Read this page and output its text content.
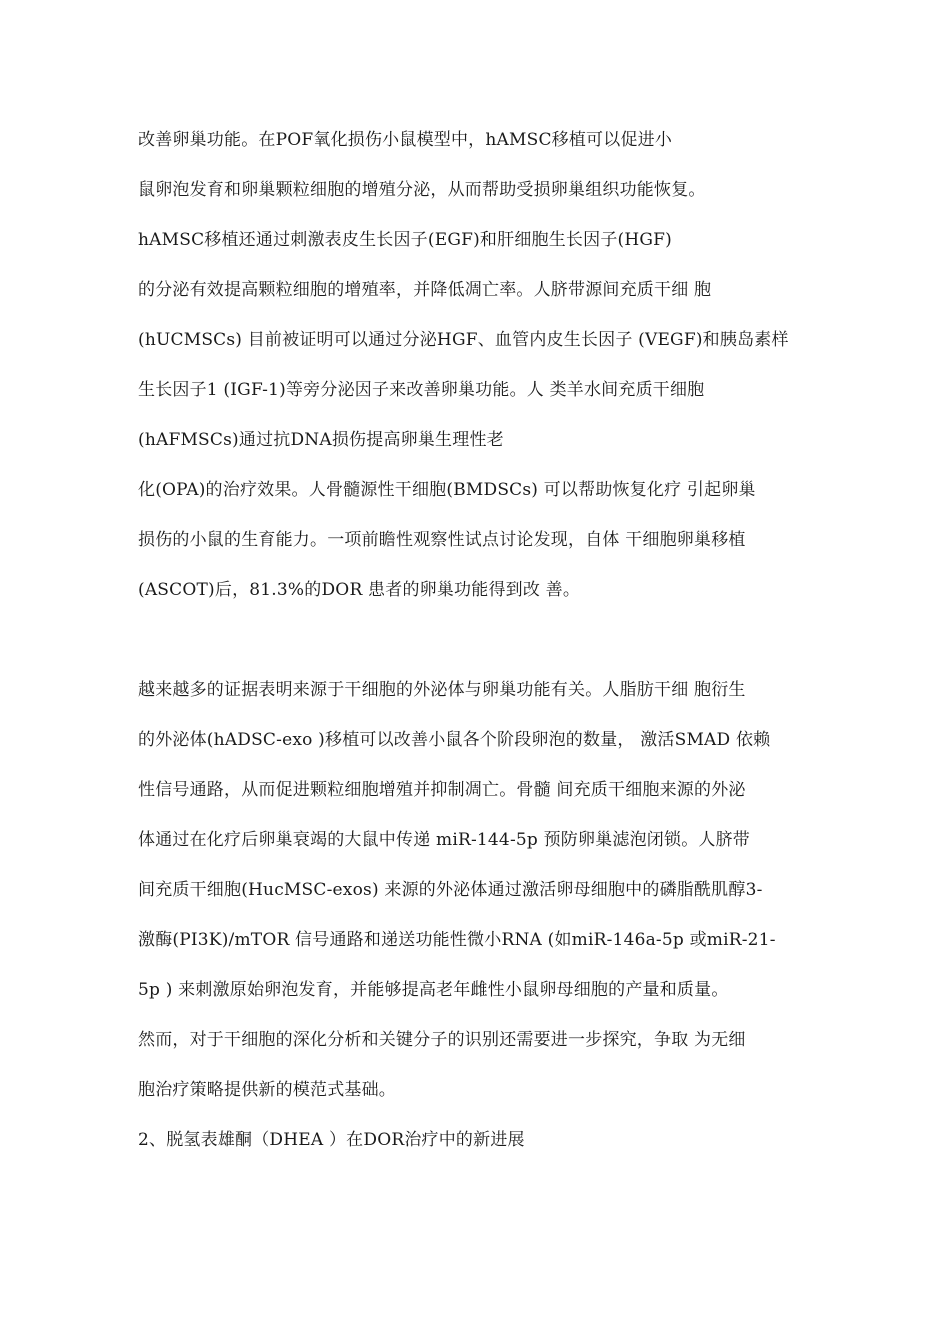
改善卵巢功能。在POF氧化损伤小鼠模型中，hAMSC移植可以促进小
鼠卵泡发育和卵巢颗粒细胞的增殖分泌，从而帮助受损卵巢组织功能恢复。
hAMSC移植还通过刺激表皮生长因子(EGF)和肝细胞生长因子(HGF)
的分泌有效提高颗粒细胞的增殖率，并降低凋亡率。人脐带源间充质干细 胞
(hUCMSCs) 目前被证明可以通过分泌HGF、血管内皮生长因子 (VEGF)和胰岛素样
生长因子1 (IGF-1)等旁分泌因子来改善卵巢功能。人 类羊水间充质干细胞
(hAFMSCs)通过抗DNA损伤提高卵巢生理性老
化(OPA)的治疗效果。人骨髓源性干细胞(BMDSCs) 可以帮助恢复化疗 引起卵巢
损伤的小鼠的生育能力。一项前瞻性观察性试点讨论发现，自体 干细胞卵巢移植
(ASCOT)后，81.3%的DOR 患者的卵巢功能得到改 善。
越来越多的证据表明来源于干细胞的外泌体与卵巢功能有关。人脂肪干细 胞衍生
的外泌体(hADSC-exo )移植可以改善小鼠各个阶段卵泡的数量， 激活SMAD 依赖
性信号通路，从而促进颗粒细胞增殖并抑制凋亡。骨髓 间充质干细胞来源的外泌
体通过在化疗后卵巢衰竭的大鼠中传递 miR-144-5p 预防卵巢滤泡闭锁。人脐带
间充质干细胞(HucMSC-exos) 来源的外泌体通过激活卵母细胞中的磷脂酰肌醇3-
激酶(PI3K)/mTOR 信号通路和递送功能性微小RNA (如miR-146a-5p 或miR-21-
5p ) 来刺激原始卵泡发育，并能够提高老年雌性小鼠卵母细胞的产量和质量。
然而，对于干细胞的深化分析和关键分子的识别还需要进一步探究，争取 为无细
胞治疗策略提供新的模范式基础。
2、脱氢表雄酮（DHEA ）在DOR治疗中的新进展
